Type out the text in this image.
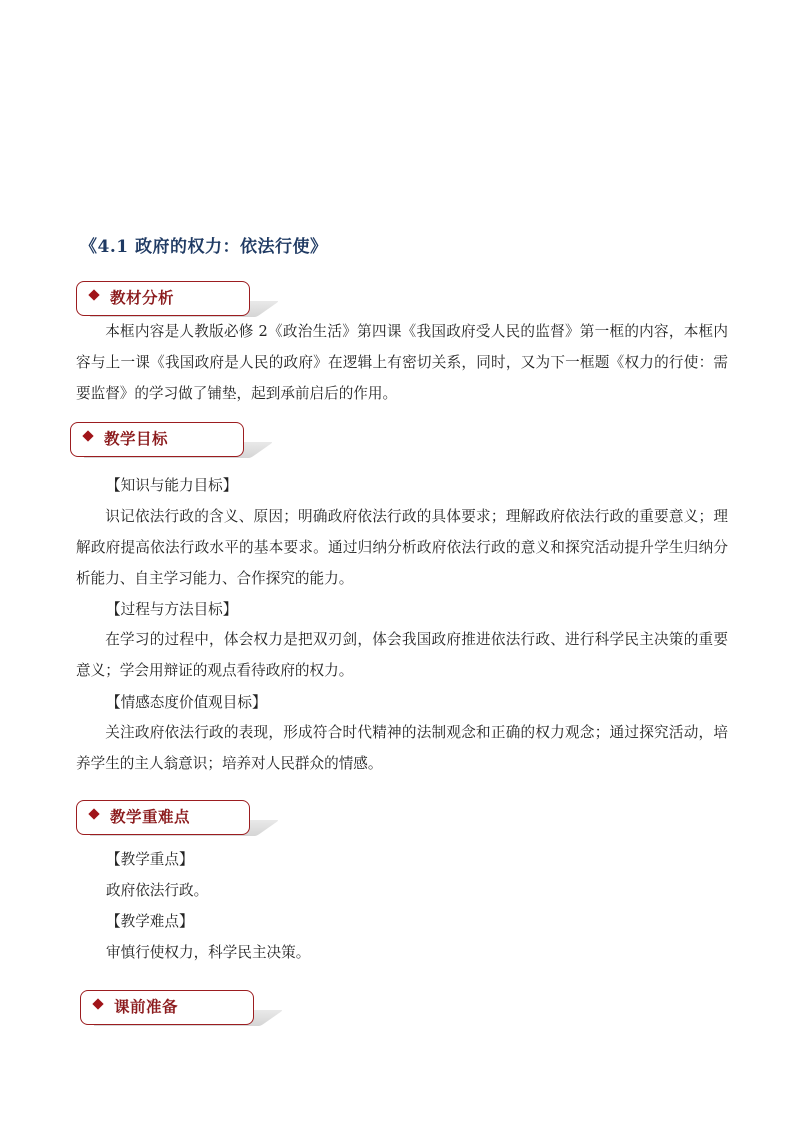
《4.1 政府的权力：依法行使》
教材分析
本框内容是人教版必修 2《政治生活》第四课《我国政府受人民的监督》第一框的内容，本框内容与上一课《我国政府是人民的政府》在逻辑上有密切关系，同时，又为下一框题《权力的行使：需要监督》的学习做了铺垫，起到承前启后的作用。
教学目标
【知识与能力目标】
识记依法行政的含义、原因；明确政府依法行政的具体要求；理解政府依法行政的重要意义；理解政府提高依法行政水平的基本要求。通过归纳分析政府依法行政的意义和探究活动提升学生归纳分析能力、自主学习能力、合作探究的能力。
【过程与方法目标】
在学习的过程中，体会权力是把双刃剑，体会我国政府推进依法行政、进行科学民主决策的重要意义；学会用辩证的观点看待政府的权力。
【情感态度价值观目标】
关注政府依法行政的表现，形成符合时代精神的法制观念和正确的权力观念；通过探究活动，培养学生的主人翁意识；培养对人民群众的情感。
教学重难点
【教学重点】
政府依法行政。
【教学难点】
审慎行使权力，科学民主决策。
课前准备
